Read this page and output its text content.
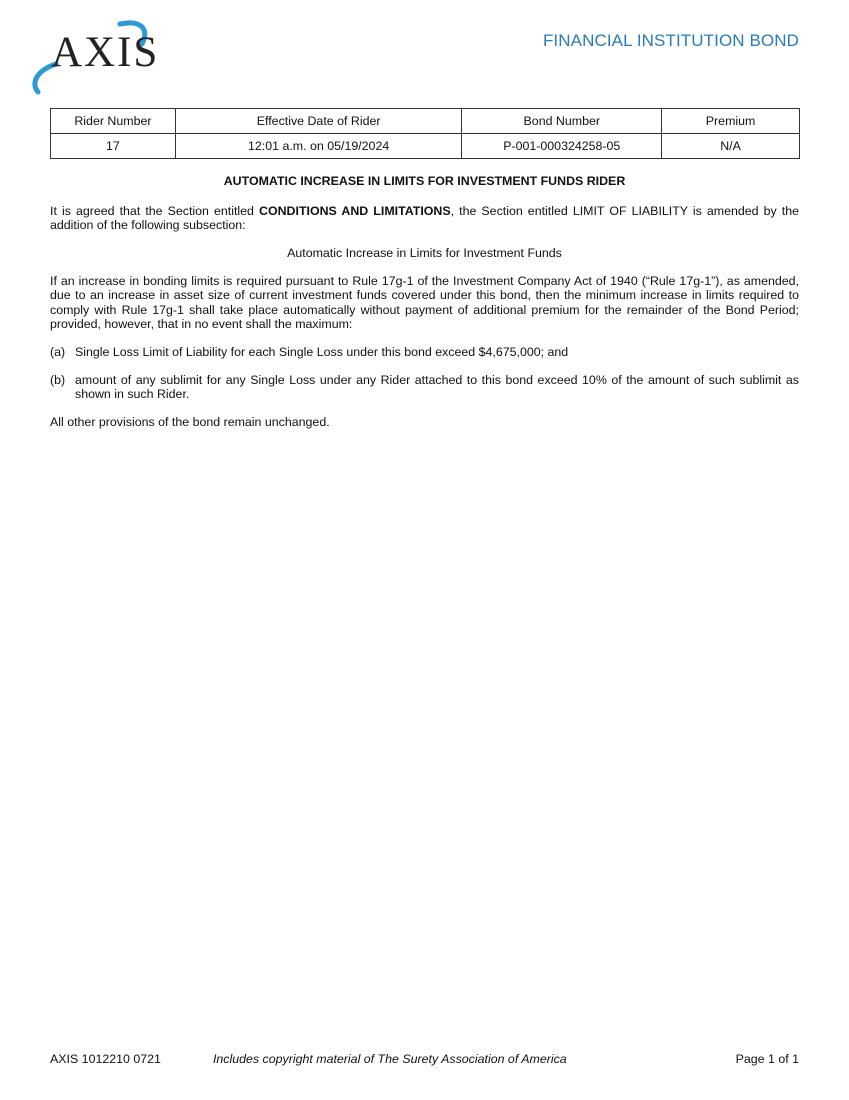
AXIS	FINANCIAL INSTITUTION BOND
Rider Number	Effective Date of Rider	Bond Number	Premium
17	12:01 a.m. on 05/19/2024	P-001-000324258-05	N/A
AUTOMATIC INCREASE IN LIMITS FOR INVESTMENT FUNDS RIDER

It is agreed that the Section entitled CONDITIONS AND LIMITATIONS, the Section entitled LIMIT OF LIABILITY is amended by the addition of the following subsection:

Automatic Increase in Limits for Investment Funds

If an increase in bonding limits is required pursuant to Rule 17g-1 of the Investment Company Act of 1940 (“Rule 17g-1”), as amended, due to an increase in asset size of current investment funds covered under this bond, then the minimum increase in limits required to comply with Rule 17g-1 shall take place automatically without payment of additional premium for the remainder of the Bond Period; provided, however, that in no event shall the maximum:

(a) Single Loss Limit of Liability for each Single Loss under this bond exceed $4,675,000; and
(b) amount of any sublimit for any Single Loss under any Rider attached to this bond exceed 10% of the amount of such sublimit as shown in such Rider.

All other provisions of the bond remain unchanged.

AXIS 1012210 0721	Includes copyright material of The Surety Association of America	Page 1 of 1
